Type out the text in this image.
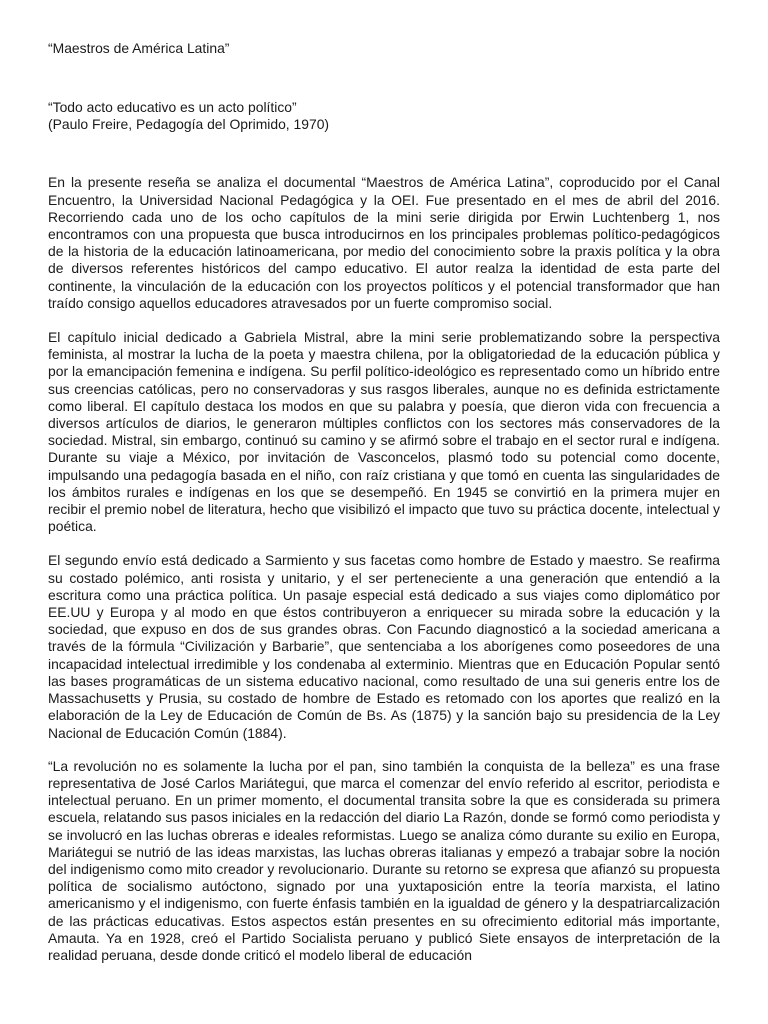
“Maestros de América Latina”

“Todo acto educativo es un acto político”
(Paulo Freire, Pedagogía del Oprimido, 1970)

En la presente reseña se analiza el documental “Maestros de América Latina”, coproducido por el Canal Encuentro, la Universidad Nacional Pedagógica y la OEI. Fue presentado en el mes de abril del 2016. Recorriendo cada uno de los ocho capítulos de la mini serie dirigida por Erwin Luchtenberg 1, nos encontramos con una propuesta que busca introducirnos en los principales problemas político-pedagógicos de la historia de la educación latinoamericana, por medio del conocimiento sobre la praxis política y la obra de diversos referentes históricos del campo educativo. El autor realza la identidad de esta parte del continente, la vinculación de la educación con los proyectos políticos y el potencial transformador que han traído consigo aquellos educadores atravesados por un fuerte compromiso social.

El capítulo inicial dedicado a Gabriela Mistral, abre la mini serie problematizando sobre la perspectiva feminista, al mostrar la lucha de la poeta y maestra chilena, por la obligatoriedad de la educación pública y por la emancipación femenina e indígena. Su perfil político-ideológico es representado como un híbrido entre sus creencias católicas, pero no conservadoras y sus rasgos liberales, aunque no es definida estrictamente como liberal. El capítulo destaca los modos en que su palabra y poesía, que dieron vida con frecuencia a diversos artículos de diarios, le generaron múltiples conflictos con los sectores más conservadores de la sociedad. Mistral, sin embargo, continuó su camino y se afirmó sobre el trabajo en el sector rural e indígena. Durante su viaje a México, por invitación de Vasconcelos, plasmó todo su potencial como docente, impulsando una pedagogía basada en el niño, con raíz cristiana y que tomó en cuenta las singularidades de los ámbitos rurales e indígenas en los que se desempeñó. En 1945 se convirtió en la primera mujer en recibir el premio nobel de literatura, hecho que visibilizó el impacto que tuvo su práctica docente, intelectual y poética.

El segundo envío está dedicado a Sarmiento y sus facetas como hombre de Estado y maestro. Se reafirma su costado polémico, anti rosista y unitario, y el ser perteneciente a una generación que entendió a la escritura como una práctica política. Un pasaje especial está dedicado a sus viajes como diplomático por EE.UU y Europa y al modo en que éstos contribuyeron a enriquecer su mirada sobre la educación y la sociedad, que expuso en dos de sus grandes obras. Con Facundo diagnosticó a la sociedad americana a través de la fórmula “Civilización y Barbarie”, que sentenciaba a los aborígenes como poseedores de una incapacidad intelectual irredimible y los condenaba al exterminio. Mientras que en Educación Popular sentó las bases programáticas de un sistema educativo nacional, como resultado de una sui generis entre los de Massachusetts y Prusia, su costado de hombre de Estado es retomado con los aportes que realizó en la elaboración de la Ley de Educación de Común de Bs. As (1875) y la sanción bajo su presidencia de la Ley Nacional de Educación Común (1884).

“La revolución no es solamente la lucha por el pan, sino también la conquista de la belleza” es una frase representativa de José Carlos Mariátegui, que marca el comenzar del envío referido al escritor, periodista e intelectual peruano. En un primer momento, el documental transita sobre la que es considerada su primera escuela, relatando sus pasos iniciales en la redacción del diario La Razón, donde se formó como periodista y se involucró en las luchas obreras e ideales reformistas. Luego se analiza cómo durante su exilio en Europa, Mariátegui se nutrió de las ideas marxistas, las luchas obreras italianas y empezó a trabajar sobre la noción del indigenismo como mito creador y revolucionario. Durante su retorno se expresa que afianzó su propuesta política de socialismo autóctono, signado por una yuxtaposición entre la teoría marxista, el latino americanismo y el indigenismo, con fuerte énfasis también en la igualdad de género y la despatriarcalización de las prácticas educativas. Estos aspectos están presentes en su ofrecimiento editorial más importante, Amauta. Ya en 1928, creó el Partido Socialista peruano y publicó Siete ensayos de interpretación de la realidad peruana, desde donde criticó el modelo liberal de educación
